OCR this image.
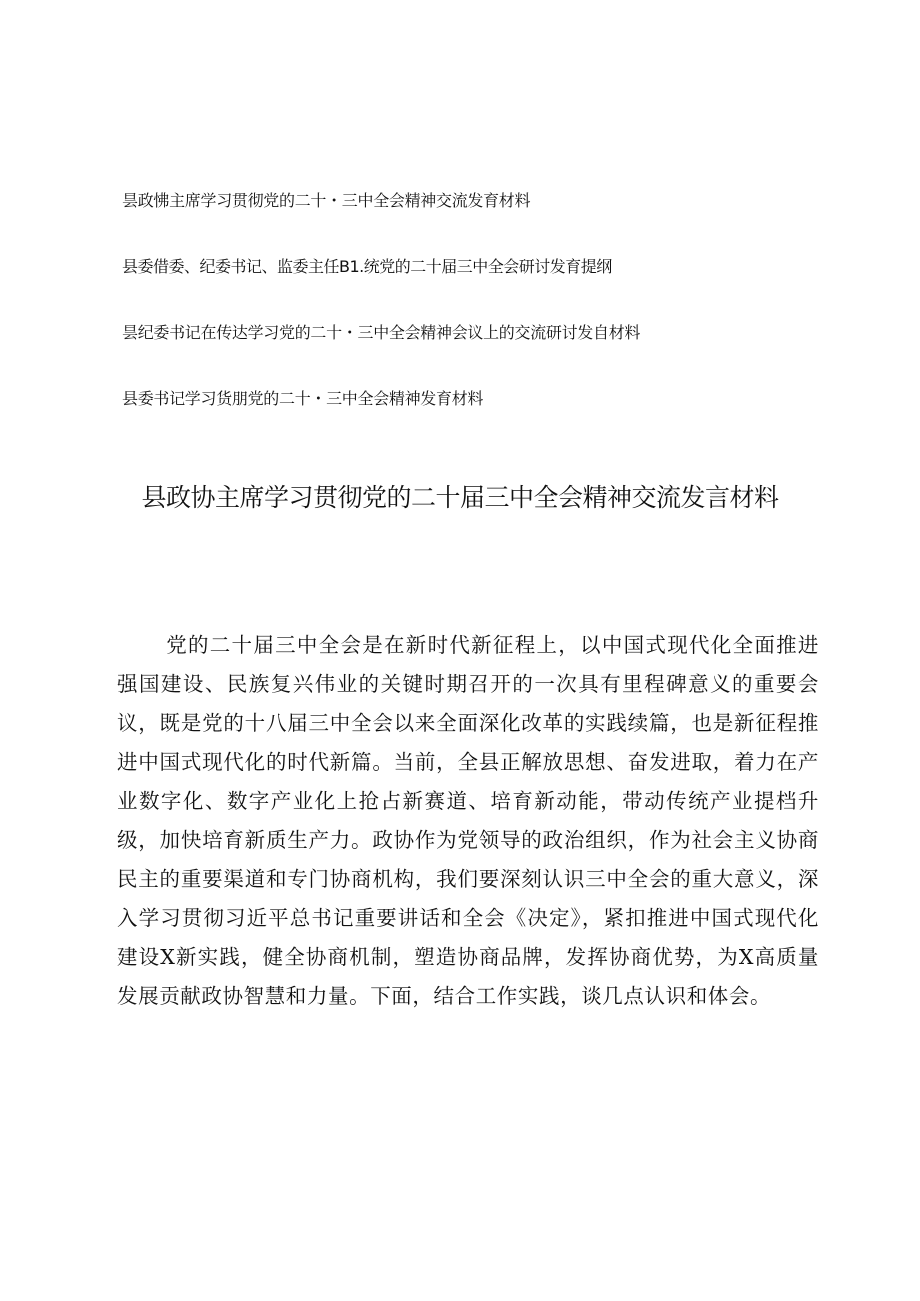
昙政怫主席学习贯彻党的二十・三中全会精神交流发育材料
县委借委、纪委书记、监委主任B1.统党的二十届三中全会研讨发育提纲
昙纪委书记在传达学习党的二十・三中全会精神会议上的交流研讨发自材料
县委书记学习货朋党的二十・三中全会精神发育材料
县政协主席学习贯彻党的二十届三中全会精神交流发言材料

党的二十届三中全会是在新时代新征程上，以中国式现代化全面推进强国建设、民族复兴伟业的关键时期召开的一次具有里程碑意义的重要会议，既是党的十八届三中全会以来全面深化改革的实践续篇，也是新征程推进中国式现代化的时代新篇。当前，全县正解放思想、奋发进取，着力在产业数字化、数字产业化上抢占新赛道、培育新动能，带动传统产业提档升级，加快培育新质生产力。政协作为党领导的政治组织，作为社会主义协商民主的重要渠道和专门协商机构，我们要深刻认识三中全会的重大意义，深入学习贯彻习近平总书记重要讲话和全会《决定》，紧扣推进中国式现代化建设X新实践，健全协商机制，塑造协商品牌，发挥协商优势，为X高质量发展贡献政协智慧和力量。下面，结合工作实践，谈几点认识和体会。
